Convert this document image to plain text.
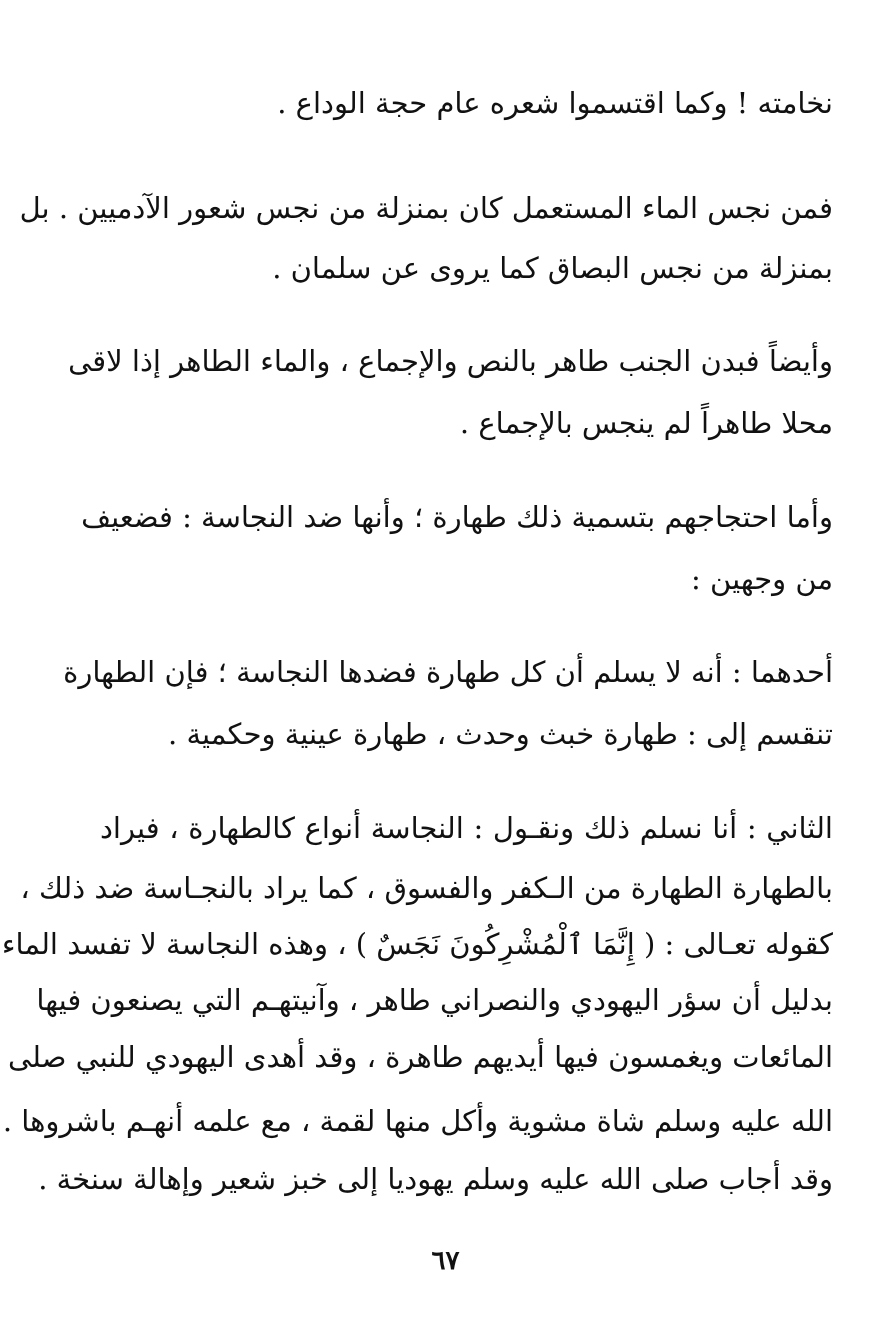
نخامته ! وكما اقتسموا شعره عام حجة الوداع .
فمن نجس الماء المستعمل كان بمنزلة من نجس شعور الآدميين . بل
بمنزلة من نجس البصاق كما يروى عن سلمان .
وأيضاً فبدن الجنب طاهر بالنص والإجماع ، والماء الطاهر إذا لاقى
محلا طاهراً لم ينجس بالإجماع .
وأما احتجاجهم بتسمية ذلك طهارة ؛ وأنها ضد النجاسة : فضعيف
من وجهين :
أحدهما : أنه لا يسلم أن كل طهارة فضدها النجاسة ؛ فإن الطهارة
تنقسم إلى : طهارة خبث وحدث ، طهارة عينية وحكمية .
الثاني : أنا نسلم ذلك ونقـول : النجاسة أنواع كالطهارة ، فيراد
بالطهارة الطهارة من الـكفر والفسوق ، كما يراد بالنجـاسة ضد ذلك ،
كقوله تعـالى : ( إِنَّمَا ٱلْمُشْرِكُونَ نَجَسٌ ) ، وهذه النجاسة لا تفسد الماء
بدليل أن سؤر اليهودي والنصراني طاهر ، وآنيتهـم التي يصنعون فيها
المائعات ويغمسون فيها أيديهم طاهرة ، وقد أهدى اليهودي للنبي صلى
الله عليه وسلم شاة مشوية وأكل منها لقمة ، مع علمه أنهـم باشروها .
وقد أجاب صلى الله عليه وسلم يهوديا إلى خبز شعير وإهالة سنخة .
٦٧
